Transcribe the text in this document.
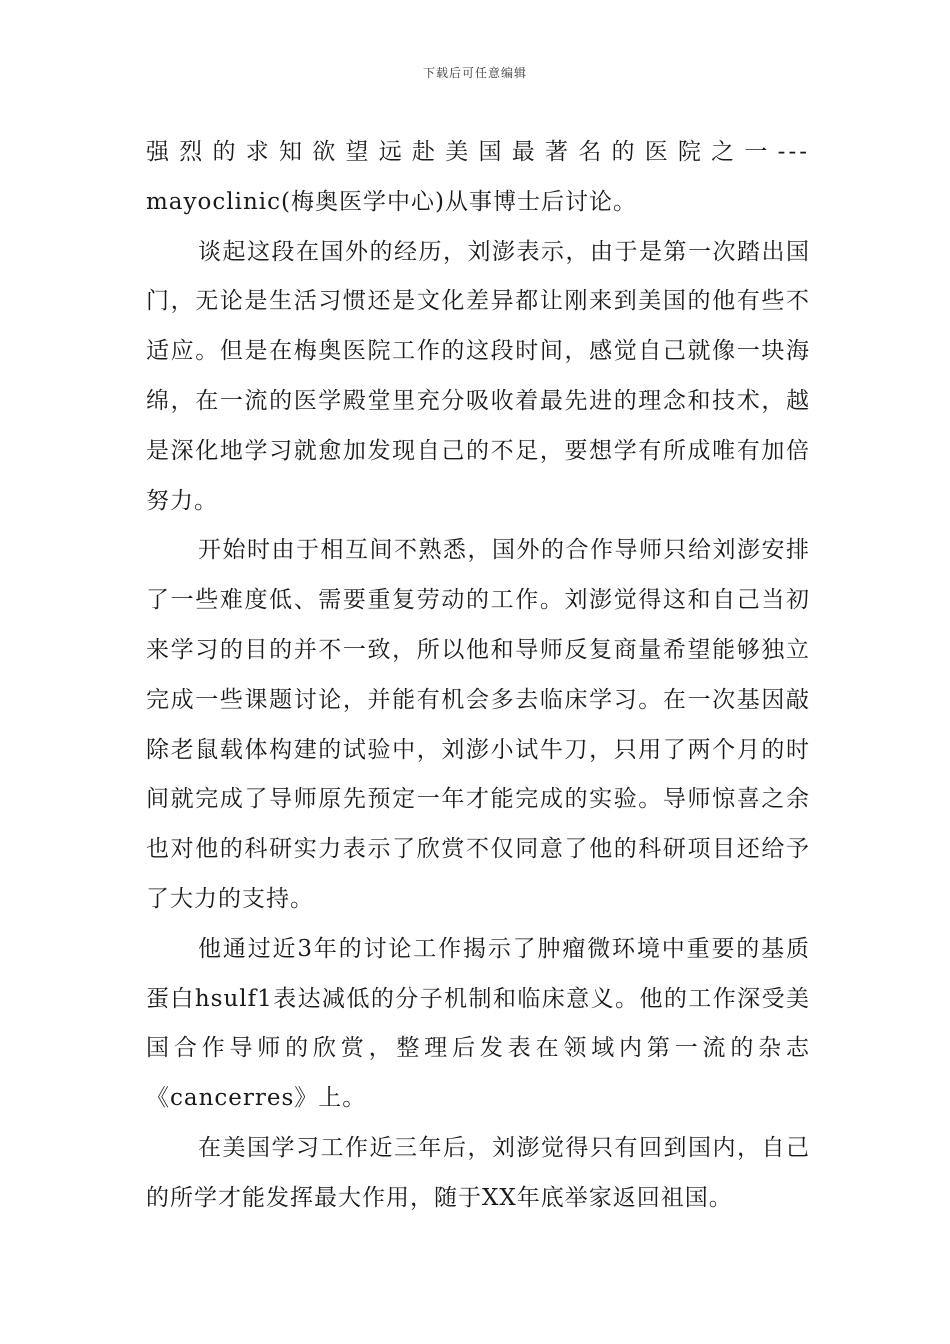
下载后可任意编辑

强烈的求知欲望远赴美国最著名的医院之一---

mayoclinic(梅奥医学中心)从事博士后讨论。

谈起这段在国外的经历，刘澎表示，由于是第一次踏出国门，无论是生活习惯还是文化差异都让刚来到美国的他有些不适应。但是在梅奥医院工作的这段时间，感觉自己就像一块海绵，在一流的医学殿堂里充分吸收着最先进的理念和技术，越是深化地学习就愈加发现自己的不足，要想学有所成唯有加倍努力。

开始时由于相互间不熟悉，国外的合作导师只给刘澎安排了一些难度低、需要重复劳动的工作。刘澎觉得这和自己当初来学习的目的并不一致，所以他和导师反复商量希望能够独立完成一些课题讨论，并能有机会多去临床学习。在一次基因敲除老鼠载体构建的试验中，刘澎小试牛刀，只用了两个月的时间就完成了导师原先预定一年才能完成的实验。导师惊喜之余也对他的科研实力表示了欣赏不仅同意了他的科研项目还给予了大力的支持。

他通过近3年的讨论工作揭示了肿瘤微环境中重要的基质蛋白hsulf1表达减低的分子机制和临床意义。他的工作深受美国合作导师的欣赏，整理后发表在领域内第一流的杂志《cancerres》上。

在美国学习工作近三年后，刘澎觉得只有回到国内，自己的所学才能发挥最大作用，随于XX年底举家返回祖国。
